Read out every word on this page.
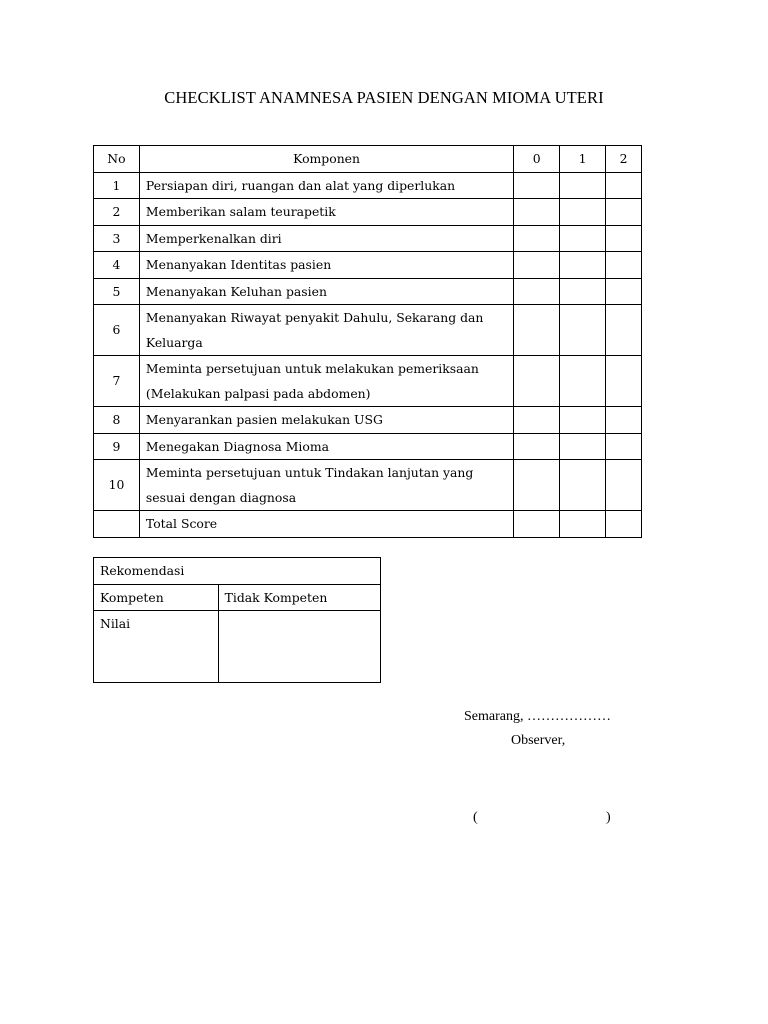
CHECKLIST ANAMNESA PASIEN DENGAN MIOMA UTERI
No	Komponen	0	1	2
1	Persiapan diri, ruangan dan alat yang diperlukan			
2	Memberikan salam teurapetik			
3	Memperkenalkan diri			
4	Menanyakan Identitas pasien			
5	Menanyakan Keluhan pasien			
6	Menanyakan Riwayat penyakit Dahulu, Sekarang dan Keluarga			
7	Meminta persetujuan untuk melakukan pemeriksaan (Melakukan palpasi pada abdomen)			
8	Menyarankan pasien melakukan USG			
9	Menegakan Diagnosa Mioma			
10	Meminta persetujuan untuk Tindakan lanjutan yang sesuai dengan diagnosa			
	Total Score			
Rekomendasi	
Kompeten	Tidak Kompeten
Nilai	
Semarang, ………………
Observer,
(	)
